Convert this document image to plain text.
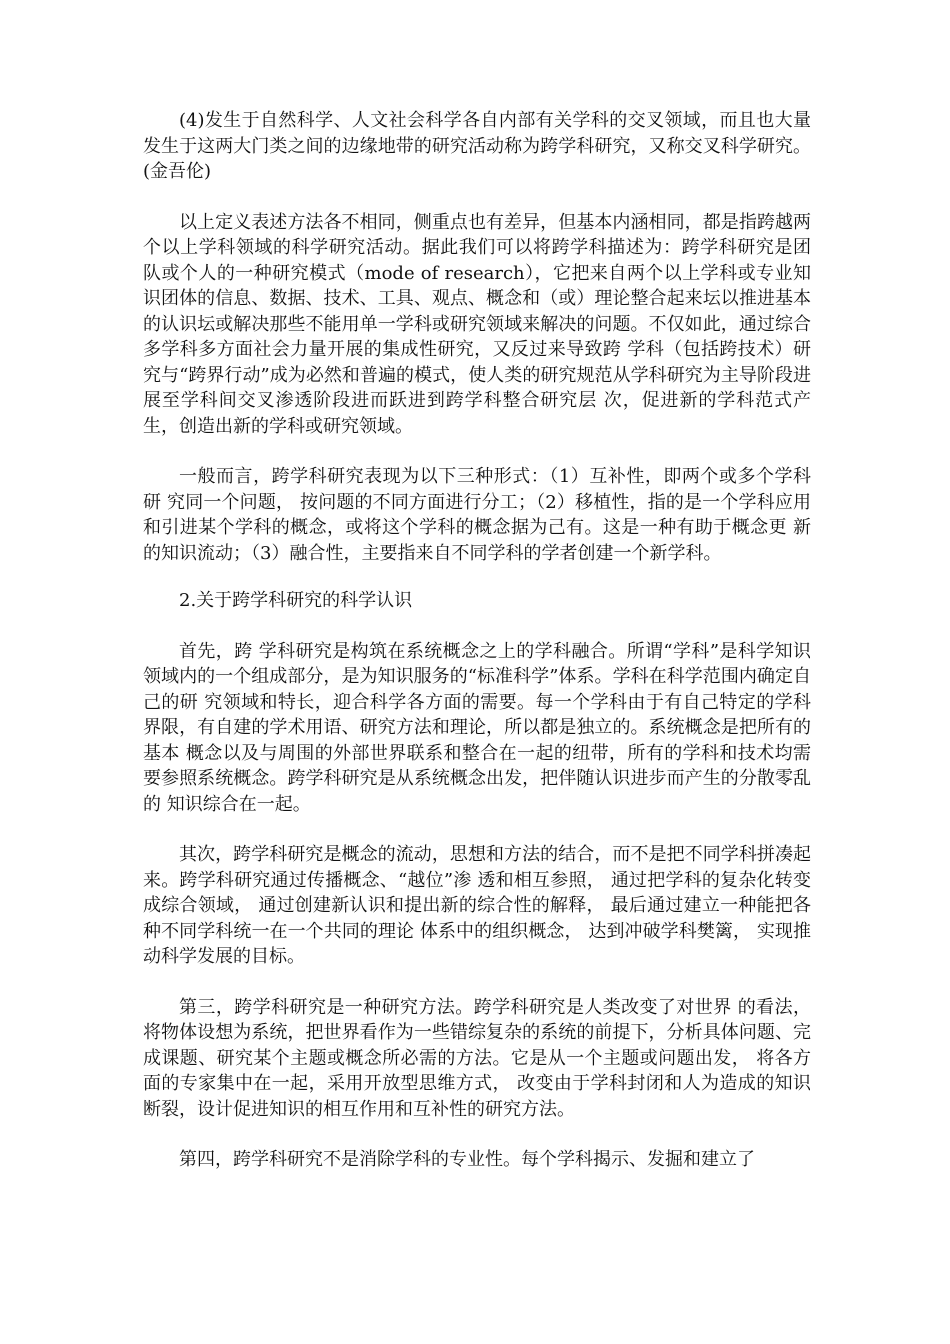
(4)发生于自然科学、人文社会科学各自内部有关学科的交叉领域，而且也大量发生于这两大门类之间的边缘地带的研究活动称为跨学科研究，又称交叉科学研究。(金吾伦)

以上定义表述方法各不相同，侧重点也有差异，但基本内涵相同，都是指跨越两个以上学科领域的科学研究活动。据此我们可以将跨学科描述为：跨学科研究是团 队或个人的一种研究模式（mode of research），它把来自两个以上学科或专业知识团体的信息、数据、技术、工具、观点、概念和（或）理论整合起来坛以推进基本的认识坛或解决那些不能用单一学科或研究领域来解决的问题。不仅如此，通过综合多学科多方面社会力量开展的集成性研究，又反过来导致跨 学科（包括跨技术）研究与“跨界行动”成为必然和普遍的模式，使人类的研究规范从学科研究为主导阶段进展至学科间交叉渗透阶段进而跃进到跨学科整合研究层 次，促进新的学科范式产生，创造出新的学科或研究领域。

一般而言，跨学科研究表现为以下三种形式：（1）互补性，即两个或多个学科研 究同一个问题， 按问题的不同方面进行分工；（2）移植性，指的是一个学科应用和引进某个学科的概念，或将这个学科的概念据为己有。这是一种有助于概念更 新的知识流动；（3）融合性，主要指来自不同学科的学者创建一个新学科。

2.关于跨学科研究的科学认识

首先，跨 学科研究是构筑在系统概念之上的学科融合。所谓“学科”是科学知识领域内的一个组成部分，是为知识服务的“标准科学”体系。学科在科学范围内确定自己的研 究领域和特长，迎合科学各方面的需要。每一个学科由于有自己特定的学科界限，有自建的学术用语、研究方法和理论，所以都是独立的。系统概念是把所有的基本 概念以及与周围的外部世界联系和整合在一起的纽带，所有的学科和技术均需要参照系统概念。跨学科研究是从系统概念出发，把伴随认识进步而产生的分散零乱的 知识综合在一起。

其次，跨学科研究是概念的流动，思想和方法的结合，而不是把不同学科拼凑起来。跨学科研究通过传播概念、“越位”渗 透和相互参照， 通过把学科的复杂化转变成综合领域， 通过创建新认识和提出新的综合性的解释， 最后通过建立一种能把各种不同学科统一在一个共同的理论 体系中的组织概念， 达到冲破学科樊篱， 实现推动科学发展的目标。

第三，跨学科研究是一种研究方法。跨学科研究是人类改变了对世界 的看法， 将物体设想为系统，把世界看作为一些错综复杂的系统的前提下，分析具体问题、完成课题、研究某个主题或概念所必需的方法。它是从一个主题或问题出发， 将各方面的专家集中在一起，采用开放型思维方式， 改变由于学科封闭和人为造成的知识断裂，设计促进知识的相互作用和互补性的研究方法。

第四，跨学科研究不是消除学科的专业性。每个学科揭示、发掘和建立了
